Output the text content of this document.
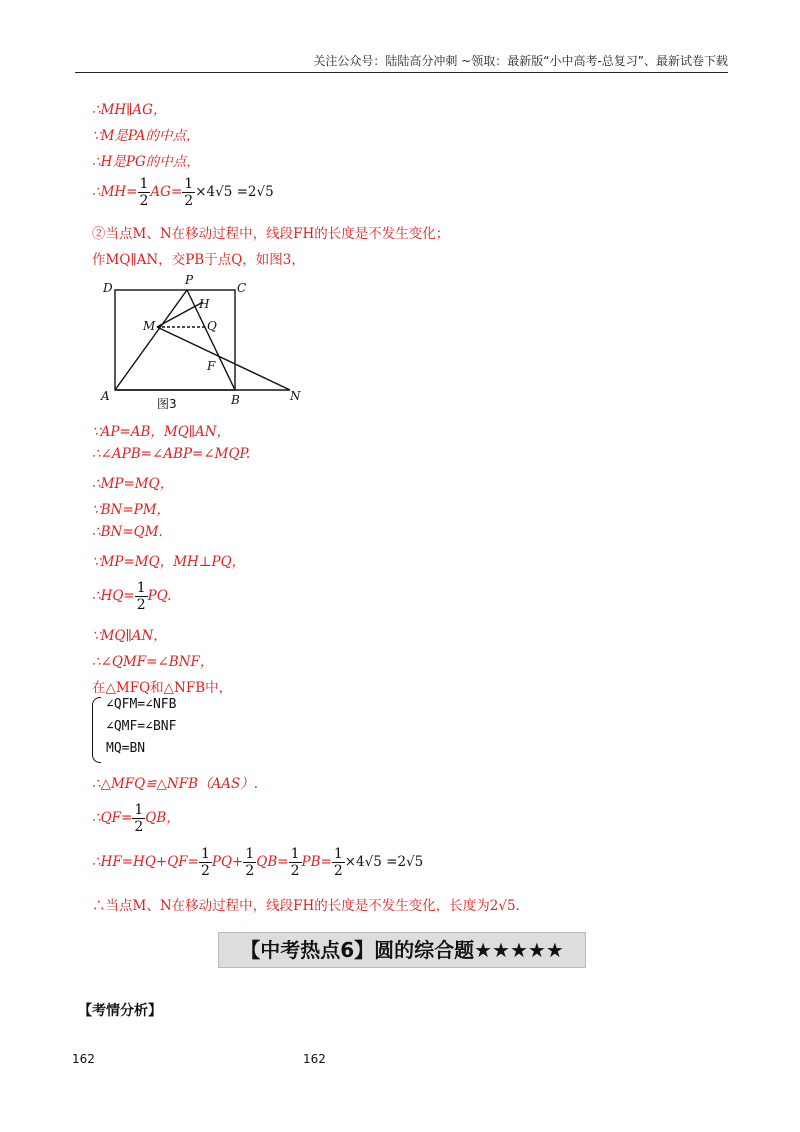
关注公众号：陆陆高分冲刺 ~领取：最新版“小中高考-总复习”、最新试卷下载
∴MH∥AG，
∵M是PA的中点，
∴H是PG的中点，
∴MH= $\frac{1}{2} AG= \frac{1}{2} \times 4√5 =2√5$
②当点M、N在移动过程中，线段FH的长度是不发生变化；
作MQ∥AN，交PB于点Q，如图3，
D	C
P
H
M	Q
F
A	B	N
图3
∵AP=AB，MQ∥AN，
∴∠APB=∠ABP=∠MQP.
∴MP=MQ，
∵BN=PM，
∴BN=QM.
∵MP=MQ，MH⊥PQ，
∴HQ= $\frac{1}{2}$ PQ.
∵MQ∥AN，
∴∠QMF=∠BNF，
在△MFQ和△NFB中，
∠QFM=∠NFB
∠QMF=∠BNF
MQ=BN
∴△MFQ≌△NFB（AAS）.
∴QF= $\frac{1}{2}$ QB，
∴HF=HQ+QF= $\frac{1}{2} PQ+ \frac{1}{2} QB= \frac{1}{2} PB= \frac{1}{2} \times 4√5 =2√5$
∴当点M、N在移动过程中，线段FH的长度是不发生变化，长度为2√5.
【中考热点6】圆的综合题★★★★★
【考情分析】
162	162
